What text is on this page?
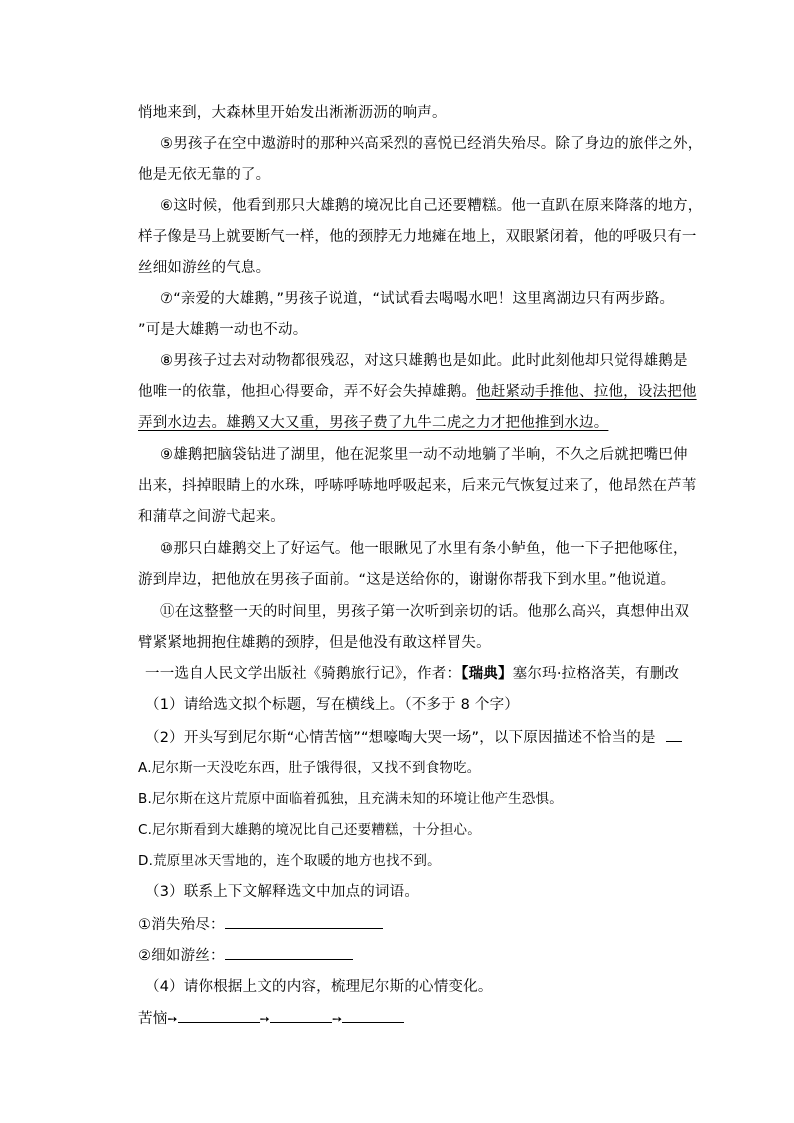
悄地来到，大森林里开始发出淅淅沥沥的响声。
⑤男孩子在空中遨游时的那种兴高采烈的喜悦已经消失殆尽。除了身边的旅伴之外，
他是无依无靠的了。
⑥这时候，他看到那只大雄鹅的境况比自己还要糟糕。他一直趴在原来降落的地方，
样子像是马上就要断气一样，他的颈脖无力地瘫在地上，双眼紧闭着，他的呼吸只有一
丝细如游丝的气息。
⑦“亲爱的大雄鹅，”男孩子说道，“试试看去喝喝水吧！这里离湖边只有两步路。
”可是大雄鹅一动也不动。
⑧男孩子过去对动物都很残忍，对这只雄鹅也是如此。此时此刻他却只觉得雄鹅是
他唯一的依靠，他担心得要命，弄不好会失掉雄鹅。他赶紧动手推他、拉他，设法把他
弄到水边去。雄鹅又大又重，男孩子费了九牛二虎之力才把他推到水边。
⑨雄鹅把脑袋钻进了湖里，他在泥浆里一动不动地躺了半晌，不久之后就把嘴巴伸
出来，抖掉眼睛上的水珠，呼哧呼哧地呼吸起来，后来元气恢复过来了，他昂然在芦苇
和蒲草之间游弋起来。
⑩那只白雄鹅交上了好运气。他一眼瞅见了水里有条小鲈鱼，他一下子把他啄住，
游到岸边，把他放在男孩子面前。“这是送给你的，谢谢你帮我下到水里。”他说道。
⑪在这整整一天的时间里，男孩子第一次听到亲切的话。他那么高兴，真想伸出双
臂紧紧地拥抱住雄鹅的颈脖，但是他没有敢这样冒失。
一一选自人民文学出版社《骑鹅旅行记》，作者：【瑞典】塞尔玛·拉格洛芙，有删改
（1）请给选文拟个标题，写在横线上。（不多于 8 个字）
（2）开头写到尼尔斯“心情苦恼”“想嚎啕大哭一场”，以下原因描述不恰当的是
A.尼尔斯一天没吃东西，肚子饿得很，又找不到食物吃。
B.尼尔斯在这片荒原中面临着孤独，且充满未知的环境让他产生恐惧。
C.尼尔斯看到大雄鹅的境况比自己还要糟糕，十分担心。
D.荒原里冰天雪地的，连个取暖的地方也找不到。
（3）联系上下文解释选文中加点的词语。
①消失殆尽：
②细如游丝：
（4）请你根据上文的内容，梳理尼尔斯的心情变化。
苦恼➙	➙	➙
